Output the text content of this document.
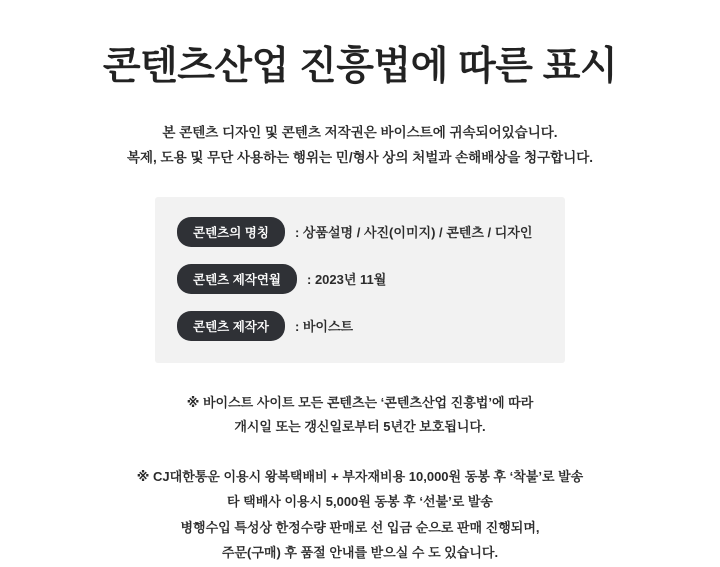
콘텐츠산업 진흥법에 따른 표시
본 콘텐츠 디자인 및 콘텐츠 저작권은 바이스트에 귀속되어있습니다.
복제, 도용 및 무단 사용하는 행위는 민/형사 상의 처벌과 손해배상을 청구합니다.
콘텐츠의 명칭	: 상품설명 / 사진(이미지) / 콘텐츠 / 디자인
콘텐츠 제작연월	: 2023년 11월
콘텐츠 제작자	: 바이스트
※ 바이스트 사이트 모든 콘텐츠는 ‘콘텐츠산업 진흥법’에 따라
개시일 또는 갱신일로부터 5년간 보호됩니다.
※ CJ대한통운 이용시 왕복택배비 + 부자재비용 10,000원 동봉 후 ‘착불’로 발송
타 택배사 이용시 5,000원 동봉 후 ‘선불’로 발송
병행수입 특성상 한정수량 판매로 선 입금 순으로 판매 진행되며,
주문(구매) 후 품절 안내를 받으실 수 도 있습니다.
